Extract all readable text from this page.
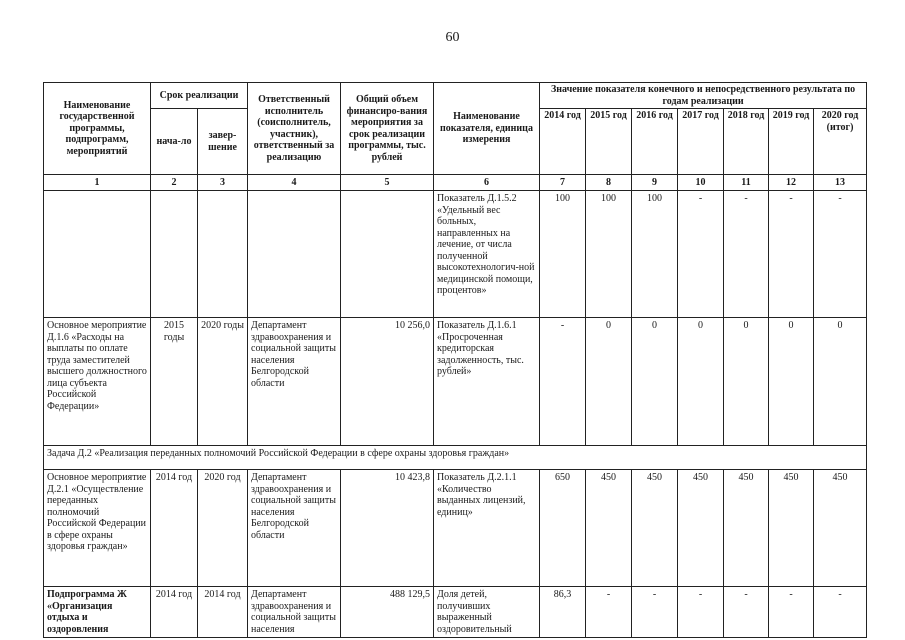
60
Наименование государственной программы, подпрограмм, мероприятий	Срок реализации		Ответственный исполнитель (соисполнитель, участник), ответственный за реализацию	Общий объем финансиро-вания мероприятия за срок реализации программы, тыс. рублей	Наименование показателя, единица измерения	Значение показателя конечного и непосредственного результата по годам реализации						
	нача-ло	завер-шение				2014 год	2015 год	2016 год	2017 год	2018 год	2019 год	2020 год (итог)
1	2	3	4	5	6	7	8	9	10	11	12	13
					Показатель Д.1.5.2 «Удельный вес больных, направленных на лечение, от числа полученной высокотехнологич-ной медицинской помощи, процентов»	100	100	100	-	-	-	-
Основное мероприятие Д.1.6 «Расходы на выплаты по оплате труда заместителей высшего должностного лица субъекта Российской Федерации»	2015 годы	2020 годы	Департамент здравоохранения и социальной защиты населения Белгородской области	10 256,0	Показатель Д.1.6.1 «Просроченная кредиторская задолженность, тыс. рублей»	-	0	0	0	0	0	0
Задача Д.2 «Реализация переданных полномочий Российской Федерации в сфере охраны здоровья граждан»												
Основное мероприятие Д.2.1 «Осуществление переданных полномочий Российской Федерации в сфере охраны здоровья граждан»	2014 год	2020 год	Департамент здравоохранения и социальной защиты населения Белгородской области	10 423,8	Показатель Д.2.1.1 «Количество выданных лицензий, единиц»	650	450	450	450	450	450	450
Подпрограмма Ж «Организация отдыха и оздоровления	2014 год	2014 год	Департамент здравоохранения и социальной защиты населения	488 129,5	Доля детей, получивших выраженный оздоровительный	86,3	-	-	-	-	-	-
